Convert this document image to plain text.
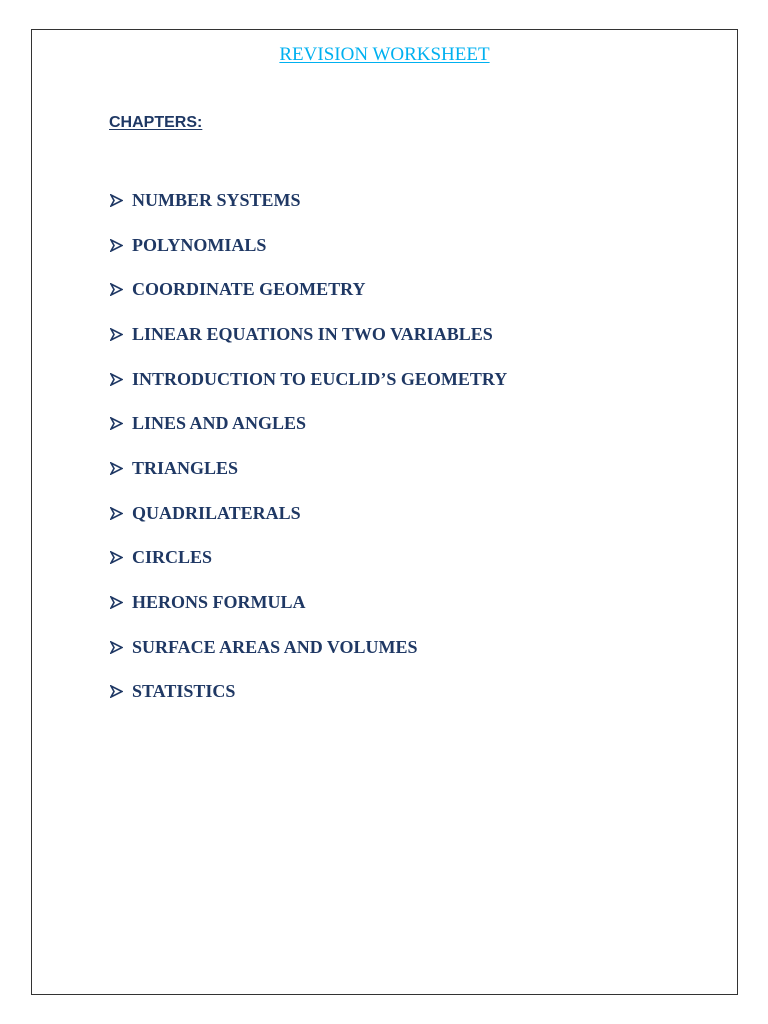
REVISION WORKSHEET
CHAPTERS:
NUMBER SYSTEMS
POLYNOMIALS
COORDINATE GEOMETRY
LINEAR EQUATIONS IN TWO VARIABLES
INTRODUCTION TO EUCLID’S GEOMETRY
LINES AND ANGLES
TRIANGLES
QUADRILATERALS
CIRCLES
HERONS FORMULA
SURFACE AREAS AND VOLUMES
STATISTICS
